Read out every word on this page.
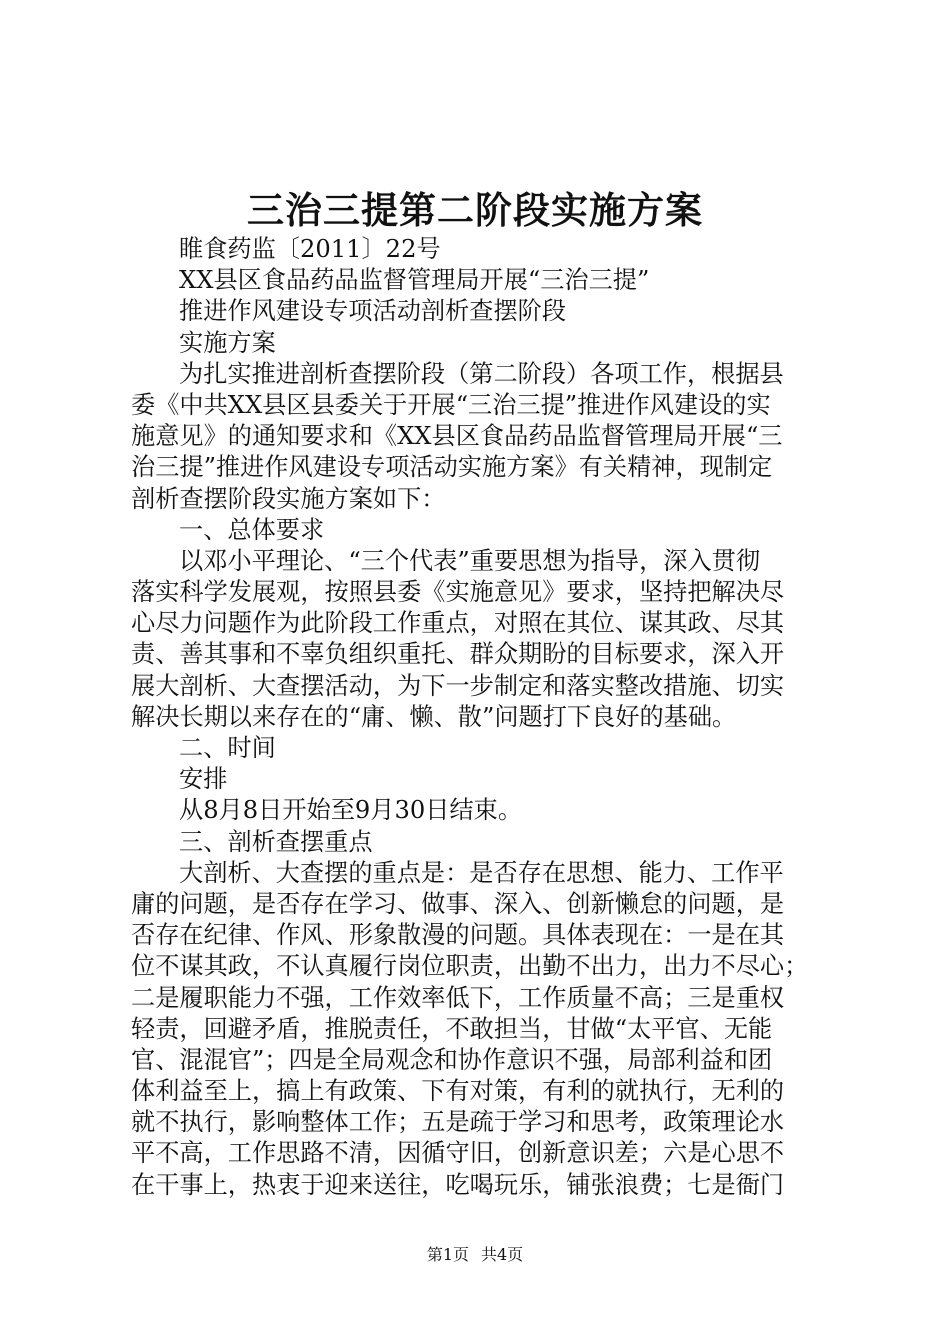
三治三提第二阶段实施方案
睢食药监〔2011〕22号
XX县区食品药品监督管理局开展“三治三提”
推进作风建设专项活动剖析查摆阶段
实施方案
为扎实推进剖析查摆阶段（第二阶段）各项工作，根据县
委《中共XX县区县委关于开展“三治三提”推进作风建设的实
施意见》的通知要求和《XX县区食品药品监督管理局开展“三
治三提”推进作风建设专项活动实施方案》有关精神，现制定
剖析查摆阶段实施方案如下：
一、总体要求
以邓小平理论、“三个代表”重要思想为指导，深入贯彻
落实科学发展观，按照县委《实施意见》要求，坚持把解决尽
心尽力问题作为此阶段工作重点，对照在其位、谋其政、尽其
责、善其事和不辜负组织重托、群众期盼的目标要求，深入开
展大剖析、大查摆活动，为下一步制定和落实整改措施、切实
解决长期以来存在的“庸、懒、散”问题打下良好的基础。
二、时间
安排
从8月8日开始至9月30日结束。
三、剖析查摆重点
大剖析、大查摆的重点是：是否存在思想、能力、工作平
庸的问题，是否存在学习、做事、深入、创新懒怠的问题，是
否存在纪律、作风、形象散漫的问题。具体表现在：一是在其
位不谋其政，不认真履行岗位职责，出勤不出力，出力不尽心；
二是履职能力不强，工作效率低下，工作质量不高；三是重权
轻责，回避矛盾，推脱责任，不敢担当，甘做“太平官、无能
官、混混官”；四是全局观念和协作意识不强，局部利益和团
体利益至上，搞上有政策、下有对策，有利的就执行，无利的
就不执行，影响整体工作；五是疏于学习和思考，政策理论水
平不高，工作思路不清，因循守旧，创新意识差；六是心思不
在干事上，热衷于迎来送往，吃喝玩乐，铺张浪费；七是衙门
第1页 共4页
